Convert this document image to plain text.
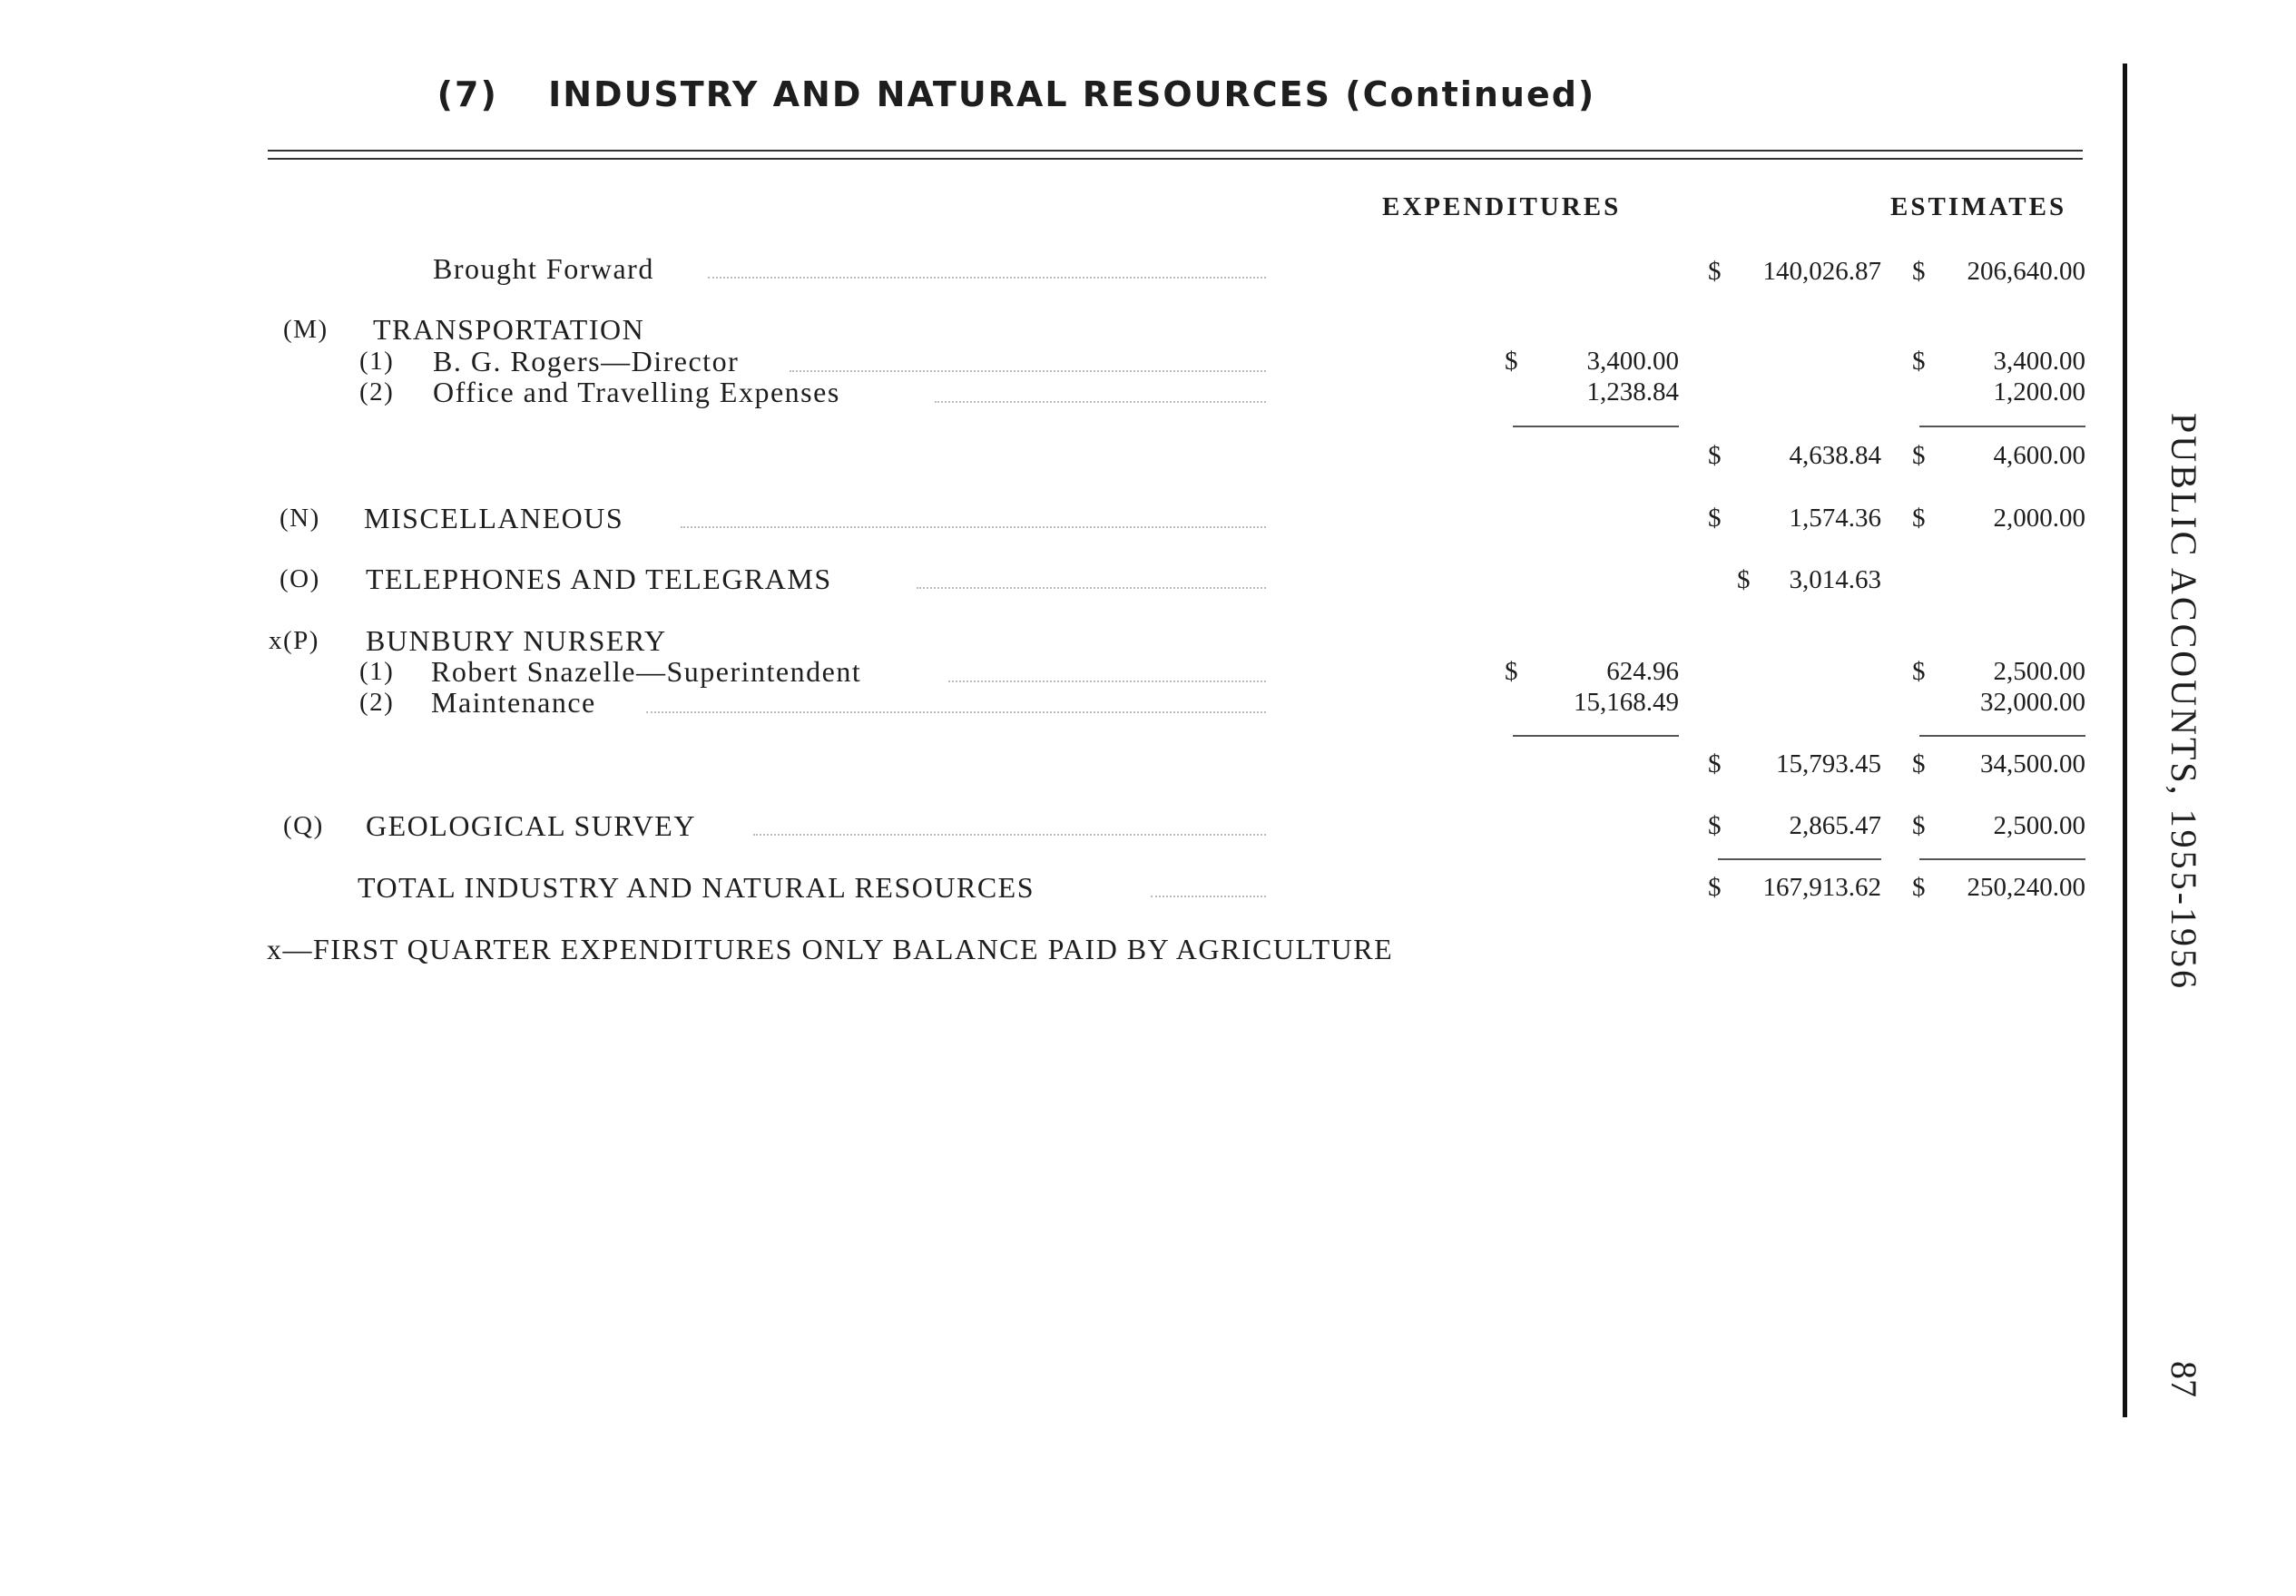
(7) INDUSTRY AND NATURAL RESOURCES (Continued)
EXPENDITURES	ESTIMATES
Brought Forward	$	140,026.87 $	206,640.00
(M) TRANSPORTATION
(1) B. G. Rogers—Director	$	3,400.00	$	3,400.00
(2) Office and Travelling Expenses	1,238.84	1,200.00
$	4,638.84 $	4,600.00
(N) MISCELLANEOUS	$	1,574.36 $	2,000.00
(O) TELEPHONES AND TELEGRAMS	$	3,014.63
x(P) BUNBURY NURSERY
(1) Robert Snazelle—Superintendent	$	624.96	$	2,500.00
(2) Maintenance	15,168.49	32,000.00
$	15,793.45 $	34,500.00
(Q) GEOLOGICAL SURVEY	$	2,865.47 $	2,500.00
TOTAL INDUSTRY AND NATURAL RESOURCES	$	167,913.62 $	250,240.00
x—FIRST QUARTER EXPENDITURES ONLY BALANCE PAID BY AGRICULTURE	PUBLIC ACCOUNTS, 1955-1956
87
